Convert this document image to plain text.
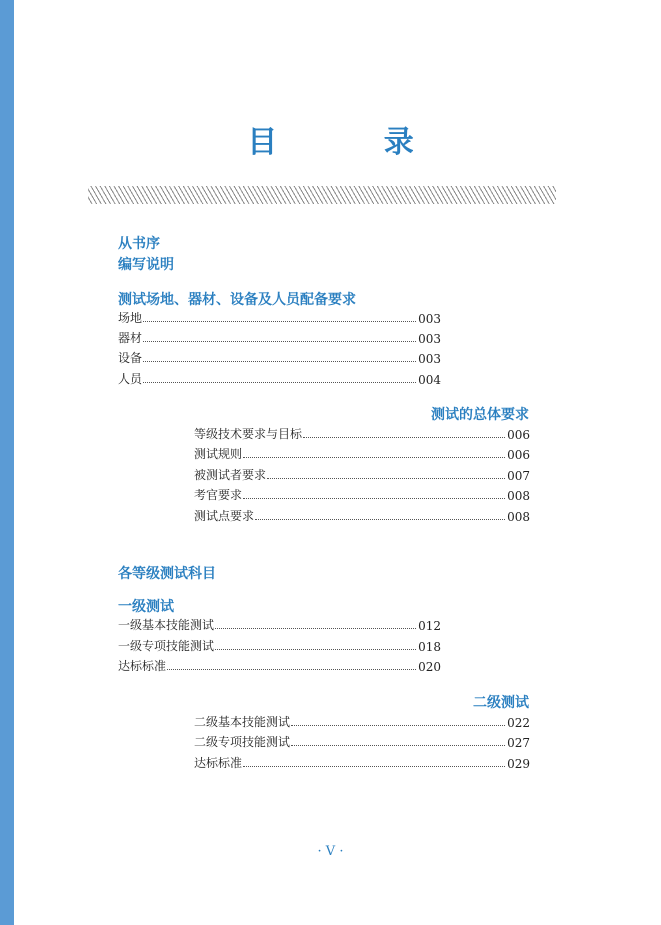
目 录
从书序
编写说明
测试场地、器材、设备及人员配备要求
场地	003
器材	003
设备	003
人员	004
测试的总体要求
等级技术要求与目标	006
测试规则	006
被测试者要求	007
考官要求	008
测试点要求	008
各等级测试科目
一级测试
一级基本技能测试	012
一级专项技能测试	018
达标标准	020
二级测试
二级基本技能测试	022
二级专项技能测试	027
达标标准	029
· V ·
